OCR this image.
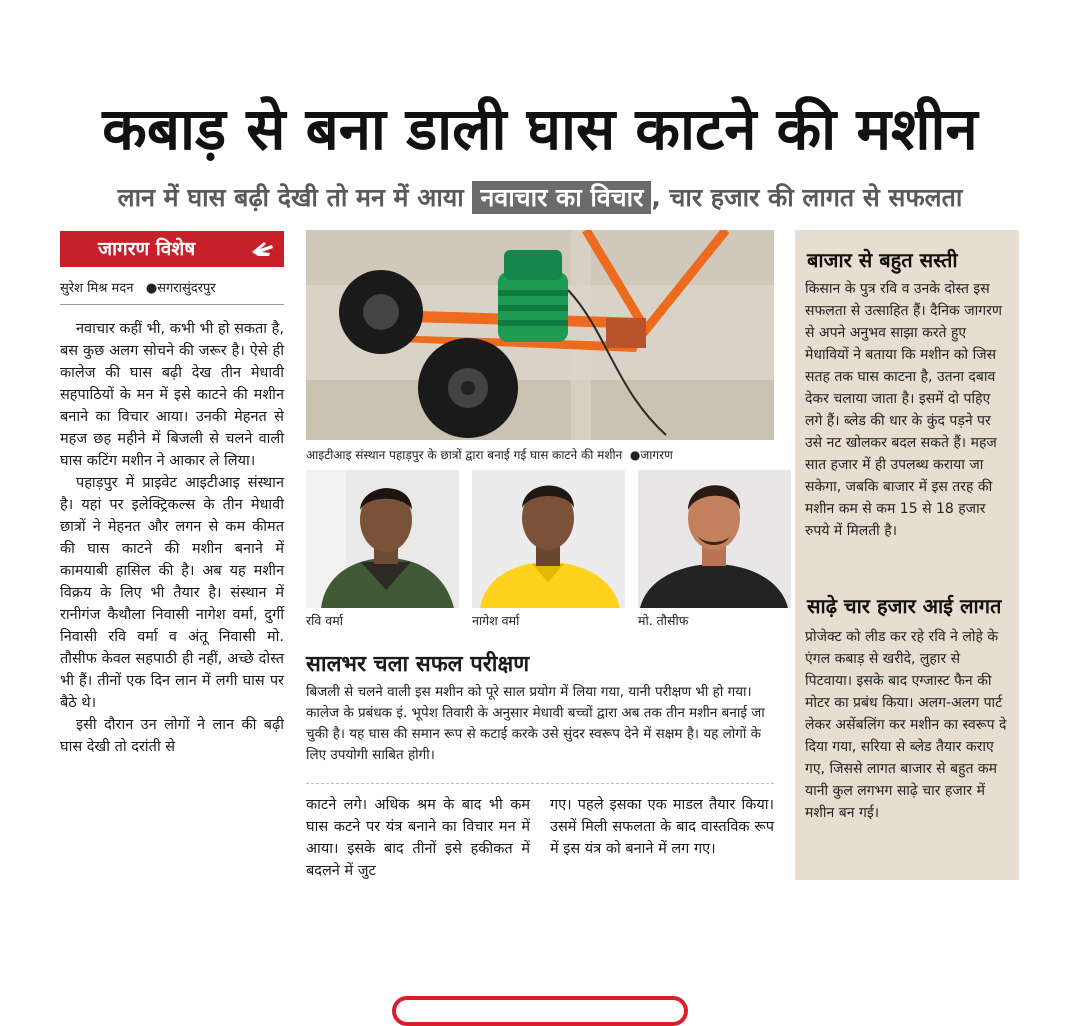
कबाड़ से बना डाली घास काटने की मशीन
लान में घास बढ़ी देखी तो मन में आया नवाचार का विचार , चार हजार की लागत से सफलता
जागरण विशेष
सुरेश मिश्र मदन ●सगरासुंदरपुर

नवाचार कहीं भी, कभी भी हो सकता है, बस कुछ अलग सोचने की जरूर है। ऐसे ही कालेज की घास बढ़ी देख तीन मेधावी सहपाठियों के मन में इसे काटने की मशीन बनाने का विचार आया। उनकी मेहनत से महज छह महीने में बिजली से चलने वाली घास कटिंग मशीन ने आकार ले लिया।

पहाड़पुर में प्राइवेट आइटीआइ संस्थान है। यहां पर इलेक्ट्रिकल्स के तीन मेधावी छात्रों ने मेहनत और लगन से कम कीमत की घास काटने की मशीन बनाने में कामयाबी हासिल की है। अब यह मशीन विक्रय के लिए भी तैयार है। संस्थान में रानीगंज कैथौला निवासी नागेश वर्मा, दुर्गी निवासी रवि वर्मा व अंतू निवासी मो. तौसीफ केवल सहपाठी ही नहीं, अच्छे दोस्त भी हैं। तीनों एक दिन लान में लगी घास पर बैठे थे।

इसी दौरान उन लोगों ने लान की बढ़ी घास देखी तो दरांती से

आइटीआइ संस्थान पहाड़पुर के छात्रों द्वारा बनाई गई घास काटने की मशीन ●जागरण
रवि वर्मा	नागेश वर्मा	मो. तौसीफ
सालभर चला सफल परीक्षण
बिजली से चलने वाली इस मशीन को पूरे साल प्रयोग में लिया गया, यानी परीक्षण भी हो गया। कालेज के प्रबंधक इं. भूपेश तिवारी के अनुसार मेधावी बच्चों द्वारा अब तक तीन मशीन बनाई जा चुकी है। यह घास की समान रूप से कटाई करके उसे सुंदर स्वरूप देने में सक्षम है। यह लोगों के लिए उपयोगी साबित होगी।

काटने लगे। अधिक श्रम के बाद भी कम घास कटने पर यंत्र बनाने का विचार मन में आया। इसके बाद तीनों इसे हकीकत में बदलने में जुट

गए। पहले इसका एक माडल तैयार किया। उसमें मिली सफलता के बाद वास्तविक रूप में इस यंत्र को बनाने में लग गए।

बाजार से बहुत सस्ती
किसान के पुत्र रवि व उनके दोस्त इस सफलता से उत्साहित हैं। दैनिक जागरण से अपने अनुभव साझा करते हुए मेधावियों ने बताया कि मशीन को जिस सतह तक घास काटना है, उतना दबाव देकर चलाया जाता है। इसमें दो पहिए लगे हैं। ब्लेड की धार के कुंद पड़ने पर उसे नट खोलकर बदल सकते हैं। महज सात हजार में ही उपलब्ध कराया जा सकेगा, जबकि बाजार में इस तरह की मशीन कम से कम 15 से 18 हजार रुपये में मिलती है।
साढ़े चार हजार आई लागत
प्रोजेक्ट को लीड कर रहे रवि ने लोहे के एंगल कबाड़ से खरीदे, लुहार से पिटवाया। इसके बाद एग्जास्ट फैन की मोटर का प्रबंध किया। अलग-अलग पार्ट लेकर असेंबलिंग कर मशीन का स्वरूप दे दिया गया, सरिया से ब्लेड तैयार कराए गए, जिससे लागत बाजार से बहुत कम यानी कुल लगभग साढ़े चार हजार में मशीन बन गई।
